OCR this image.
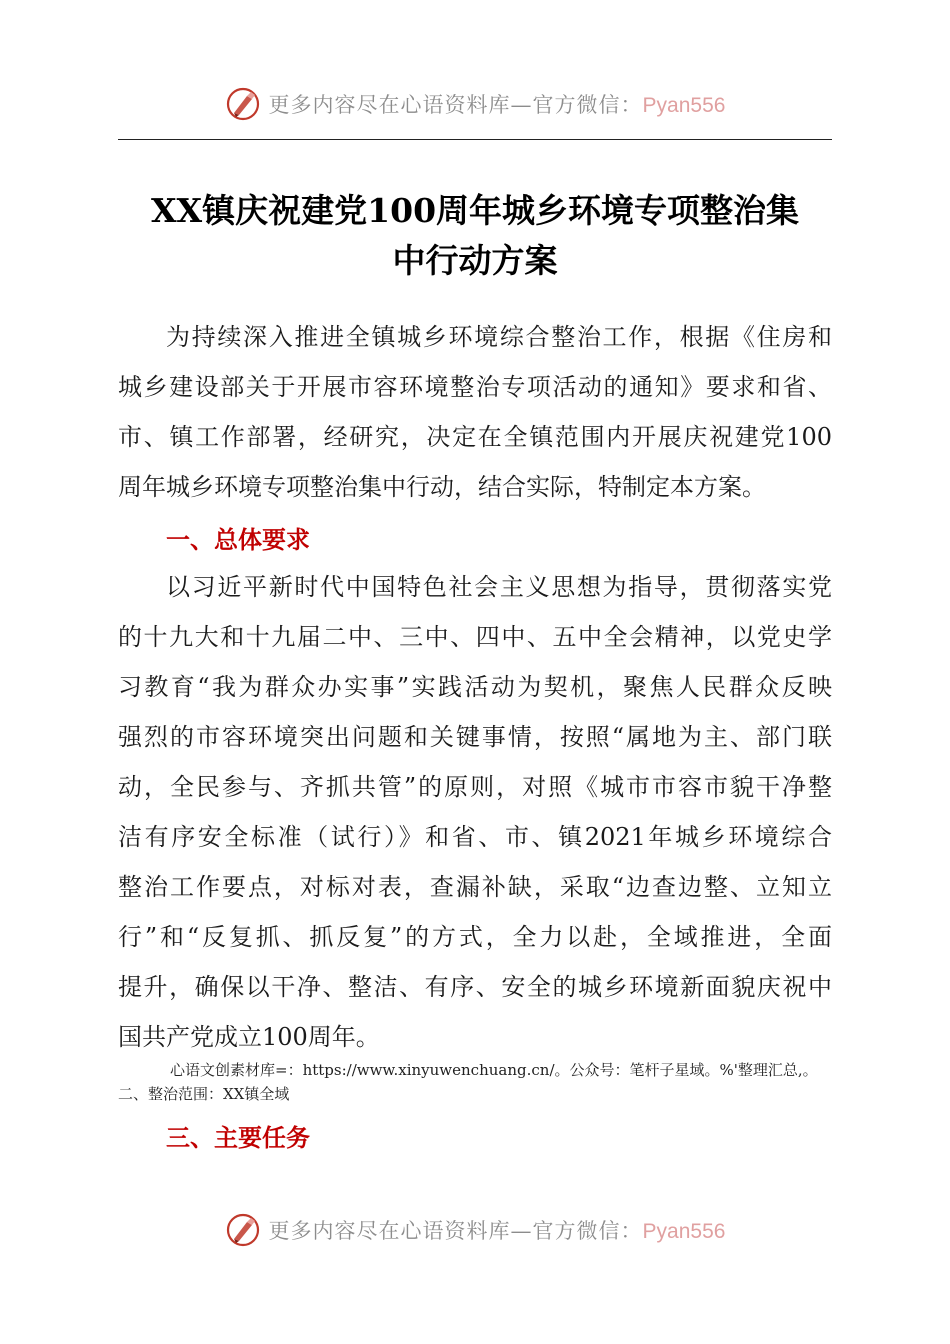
更多内容尽在心语资料库—官方微信：Pyan556
XX镇庆祝建党100周年城乡环境专项整治集
中行动方案
为持续深入推进全镇城乡环境综合整治工作，根据《住房和
城乡建设部关于开展市容环境整治专项活动的通知》要求和省、
市、镇工作部署，经研究，决定在全镇范围内开展庆祝建党100
周年城乡环境专项整治集中行动，结合实际，特制定本方案。
一、总体要求
以习近平新时代中国特色社会主义思想为指导，贯彻落实党
的十九大和十九届二中、三中、四中、五中全会精神，以党史学
习教育“我为群众办实事”实践活动为契机，聚焦人民群众反映
强烈的市容环境突出问题和关键事情，按照“属地为主、部门联
动，全民参与、齐抓共管”的原则，对照《城市市容市貌干净整
洁有序安全标准（试行）》和省、市、镇2021年城乡环境综合
整治工作要点，对标对表，查漏补缺，采取“边查边整、立知立
行”和“反复抓、抓反复”的方式，全力以赴，全域推进，全面
提升，确保以干净、整洁、有序、安全的城乡环境新面貌庆祝中
国共产党成立100周年。

心语文创素材库=：https://www.xinyuwenchuang.cn/。公众号：笔杆子星域。%'整理汇总,。

二、整治范围：XX镇全域

三、主要任务
更多内容尽在心语资料库—官方微信：Pyan556
